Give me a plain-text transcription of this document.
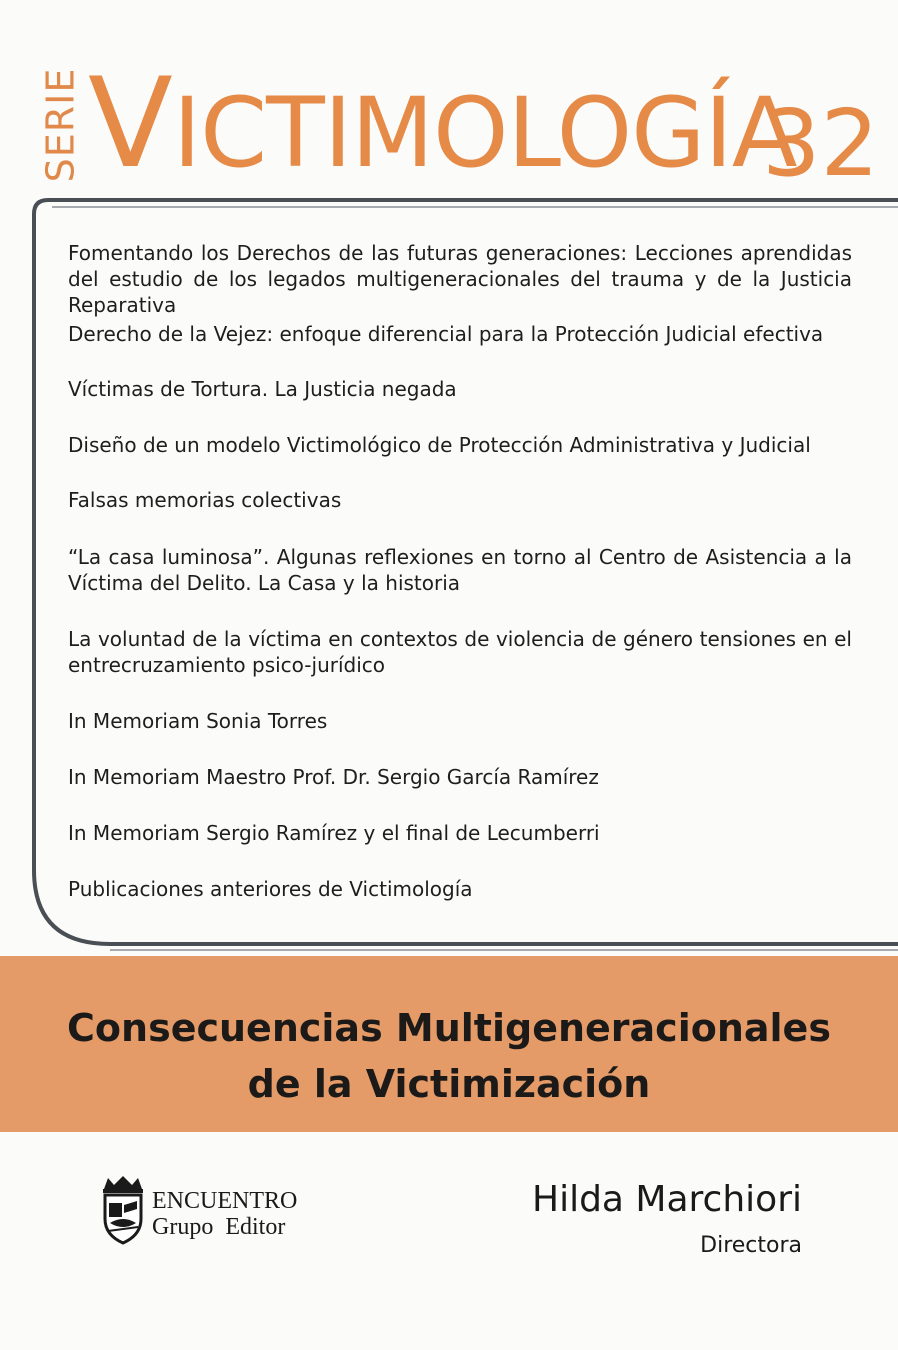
SERIE VICTIMOLOGÍA
32
Fomentando los Derechos de las futuras generaciones: Lecciones aprendidas del estudio de los legados multigeneracionales del trauma y de la Justicia Reparativa
Derecho de la Vejez: enfoque diferencial para la Protección Judicial efectiva
Víctimas de Tortura. La Justicia negada
Diseño de un modelo Victimológico de Protección Administrativa y Judicial
Falsas memorias colectivas
“La casa luminosa”. Algunas reflexiones en torno al Centro de Asistencia a la Víctima del Delito. La Casa y la historia
La voluntad de la víctima en contextos de violencia de género tensiones en el entrecruzamiento psico-jurídico
In Memoriam Sonia Torres
In Memoriam Maestro Prof. Dr. Sergio García Ramírez
In Memoriam Sergio Ramírez y el final de Lecumberri
Publicaciones anteriores de Victimología
Consecuencias Multigeneracionales
de la Victimización
ENCUENTRO
Grupo  Editor
Hilda Marchiori
Directora
